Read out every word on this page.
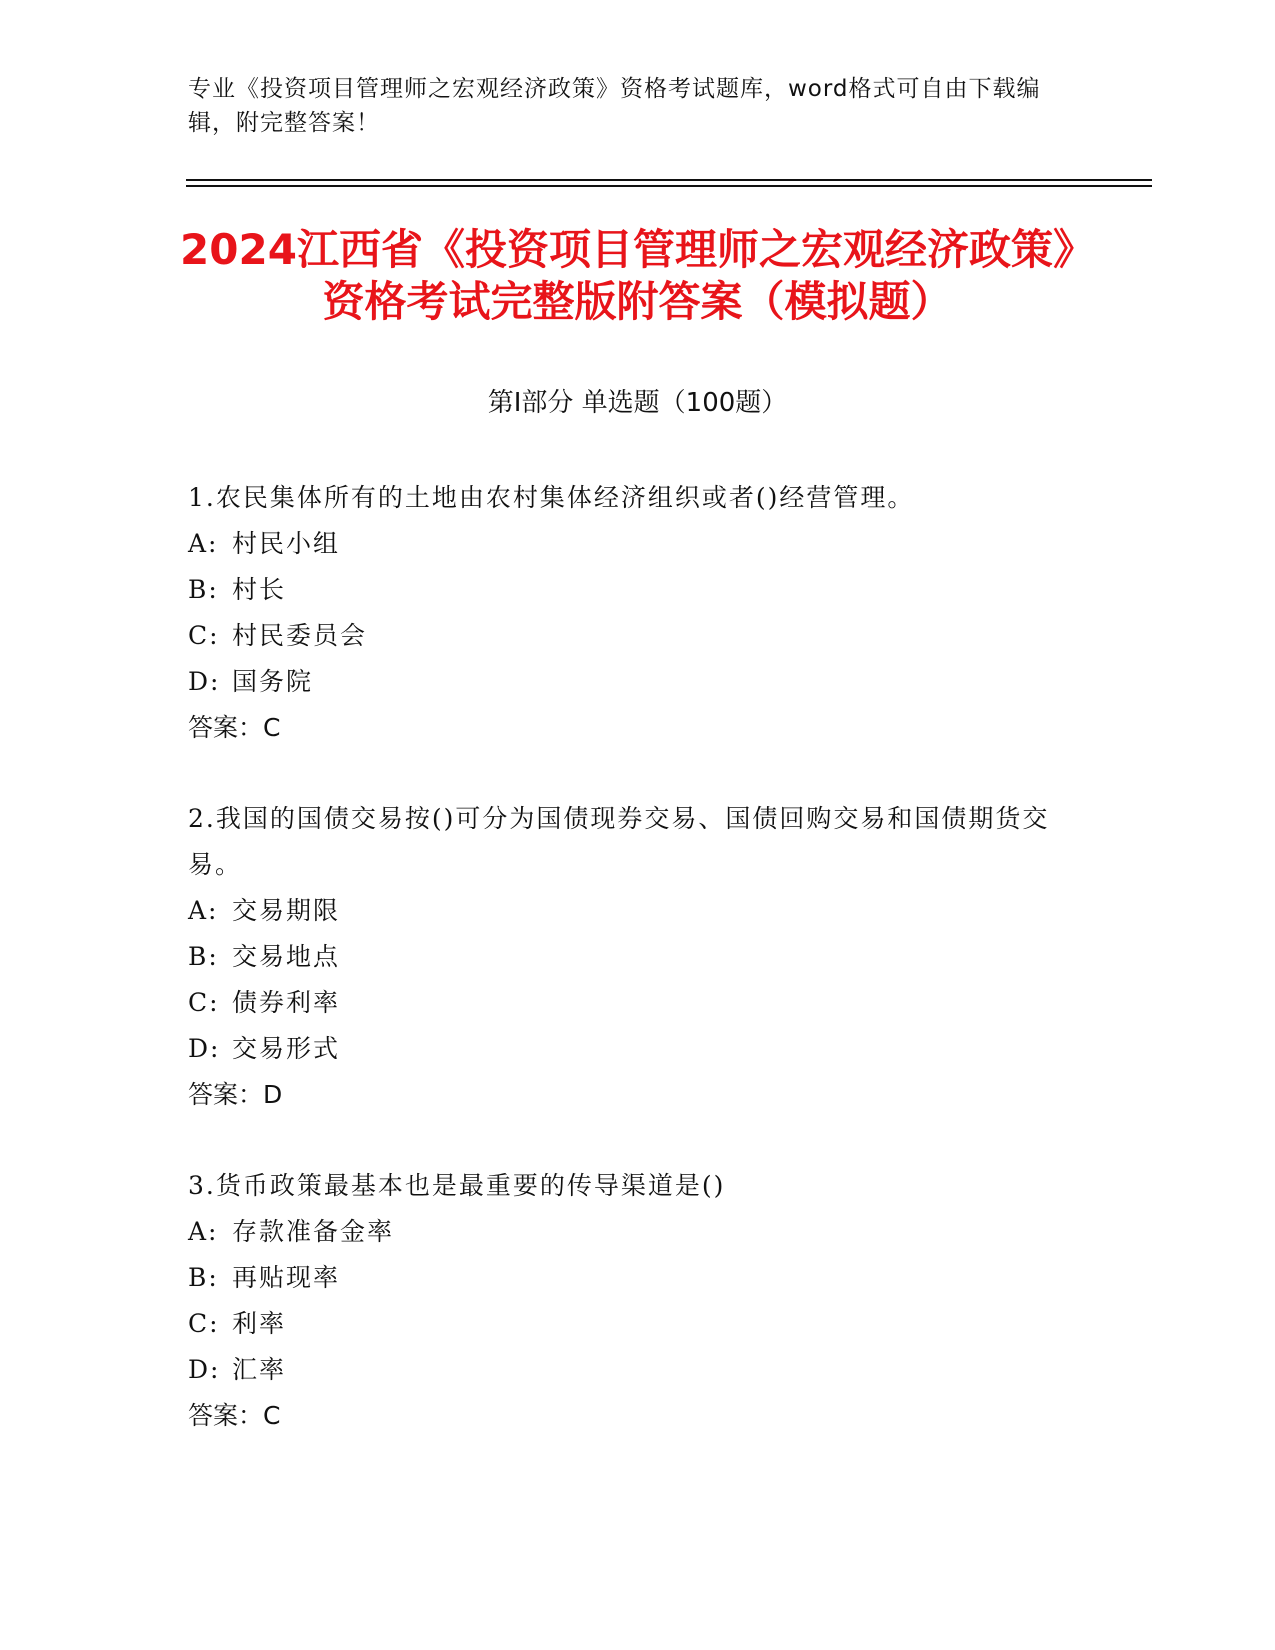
专业《投资项目管理师之宏观经济政策》资格考试题库，word格式可自由下载编辑，附完整答案！
2024江西省《投资项目管理师之宏观经济政策》资格考试完整版附答案（模拟题）
第I部分 单选题（100题）

1.农民集体所有的土地由农村集体经济组织或者()经营管理。

A: 村民小组
B: 村长
C: 村民委员会
D: 国务院
答案：C

2.我国的国债交易按()可分为国债现券交易、国债回购交易和国债期货交易。

A: 交易期限
B: 交易地点
C: 债券利率
D: 交易形式
答案：D

3.货币政策最基本也是最重要的传导渠道是()

A: 存款准备金率
B: 再贴现率
C: 利率
D: 汇率
答案：C
